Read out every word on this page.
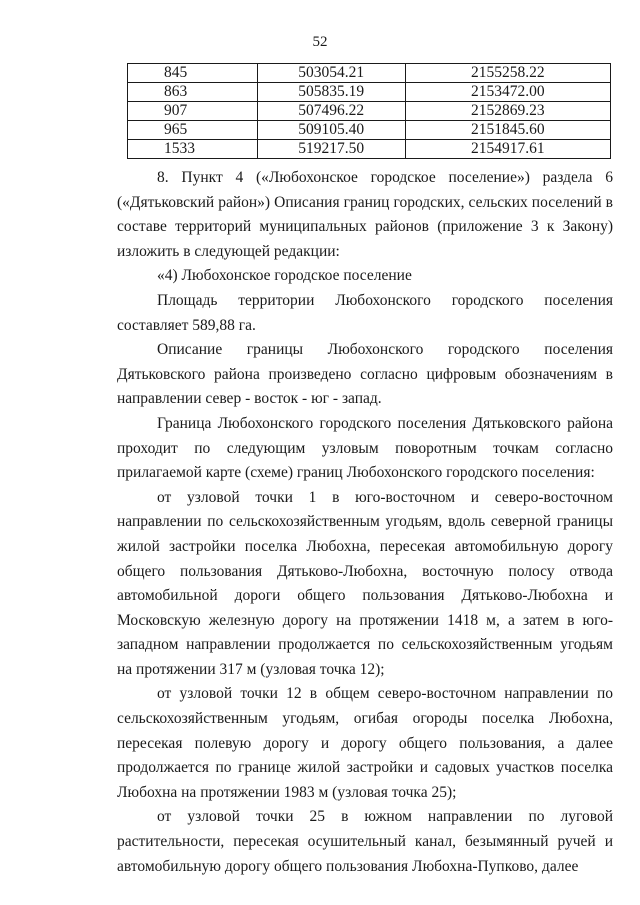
52
845	503054.21	2155258.22
863	505835.19	2153472.00
907	507496.22	2152869.23
965	509105.40	2151845.60
1533	519217.50	2154917.61

8. Пункт 4 («Любохонское городское поселение») раздела 6 («Дятьковский район») Описания границ городских, сельских поселений в составе территорий муниципальных районов (приложение 3 к Закону) изложить в следующей редакции:

«4) Любохонское городское поселение

Площадь территории Любохонского городского поселения составляет 589,88 га.

Описание границы Любохонского городского поселения Дятьковского района произведено согласно цифровым обозначениям в направлении север - восток - юг - запад.

Граница Любохонского городского поселения Дятьковского района проходит по следующим узловым поворотным точкам согласно прилагаемой карте (схеме) границ Любохонского городского поселения:

от узловой точки 1 в юго-восточном и северо-восточном направлении по сельскохозяйственным угодьям, вдоль северной границы жилой застройки поселка Любохна, пересекая автомобильную дорогу общего пользования Дятьково-Любохна, восточную полосу отвода автомобильной дороги общего пользования Дятьково-Любохна и Московскую железную дорогу на протяжении 1418 м, а затем в юго-западном направлении продолжается по сельскохозяйственным угодьям на протяжении 317 м (узловая точка 12);

от узловой точки 12 в общем северо-восточном направлении по сельскохозяйственным угодьям, огибая огороды поселка Любохна, пересекая полевую дорогу и дорогу общего пользования, а далее продолжается по границе жилой застройки и садовых участков поселка Любохна на протяжении 1983 м (узловая точка 25);

от узловой точки 25 в южном направлении по луговой растительности, пересекая осушительный канал, безымянный ручей и автомобильную дорогу общего пользования Любохна-Пупково, далее
